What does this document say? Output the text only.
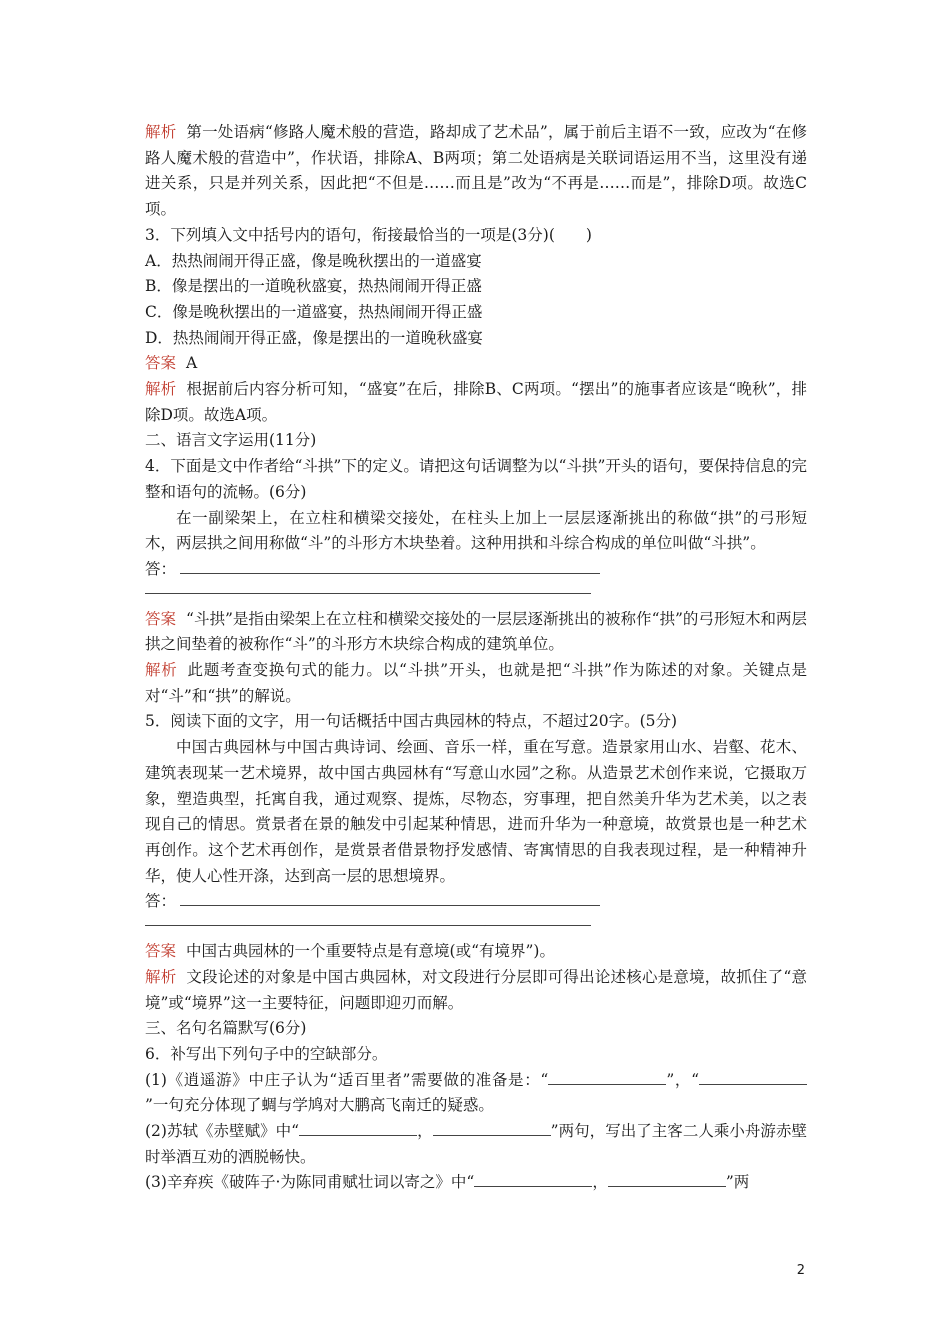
解析 第一处语病“修路人魔术般的营造，路却成了艺术品”，属于前后主语不一致，应改为“在修路人魔术般的营造中”，作状语，排除A、B两项；第二处语病是关联词语运用不当，这里没有递进关系，只是并列关系，因此把“不但是……而且是”改为“不再是……而是”，排除D项。故选C项。

3．下列填入文中括号内的语句，衔接最恰当的一项是(3分)(　　)

A．热热闹闹开得正盛，像是晚秋摆出的一道盛宴

B．像是摆出的一道晚秋盛宴，热热闹闹开得正盛

C．像是晚秋摆出的一道盛宴，热热闹闹开得正盛

D．热热闹闹开得正盛，像是摆出的一道晚秋盛宴

答案 A

解析 根据前后内容分析可知，“盛宴”在后，排除B、C两项。“摆出”的施事者应该是“晚秋”，排除D项。故选A项。

二、语言文字运用(11分)

4．下面是文中作者给“斗拱”下的定义。请把这句话调整为以“斗拱”开头的语句，要保持信息的完整和语句的流畅。(6分)

在一副梁架上，在立柱和横梁交接处，在柱头上加上一层层逐渐挑出的称做“拱”的弓形短木，两层拱之间用称做“斗”的斗形方木块垫着。这种用拱和斗综合构成的单位叫做“斗拱”。

答：

答案 “斗拱”是指由梁架上在立柱和横梁交接处的一层层逐渐挑出的被称作“拱”的弓形短木和两层拱之间垫着的被称作“斗”的斗形方木块综合构成的建筑单位。

解析 此题考查变换句式的能力。以“斗拱”开头，也就是把“斗拱”作为陈述的对象。关键点是对“斗”和“拱”的解说。

5．阅读下面的文字，用一句话概括中国古典园林的特点，不超过20字。(5分)

中国古典园林与中国古典诗词、绘画、音乐一样，重在写意。造景家用山水、岩壑、花木、建筑表现某一艺术境界，故中国古典园林有“写意山水园”之称。从造景艺术创作来说，它摄取万象，塑造典型，托寓自我，通过观察、提炼，尽物态，穷事理，把自然美升华为艺术美，以之表现自己的情思。赏景者在景的触发中引起某种情思，进而升华为一种意境，故赏景也是一种艺术再创作。这个艺术再创作，是赏景者借景物抒发感情、寄寓情思的自我表现过程，是一种精神升华，使人心性开涤，达到高一层的思想境界。

答：

答案 中国古典园林的一个重要特点是有意境(或“有境界”)。

解析 文段论述的对象是中国古典园林，对文段进行分层即可得出论述核心是意境，故抓住了“意境”或“境界”这一主要特征，问题即迎刃而解。

三、名句名篇默写(6分)

6．补写出下列句子中的空缺部分。

(1)《逍遥游》中庄子认为“适百里者”需要做的准备是：“	”，“”一句充分体现了蜩与学鸠对大鹏高飞南迁的疑惑。

(2)苏轼《赤壁赋》中“	，	”两句，写出了主客二人乘小舟游赤壁时举酒互劝的洒脱畅快。

(3)辛弃疾《破阵子·为陈同甫赋壮词以寄之》中“	，	”两

2
